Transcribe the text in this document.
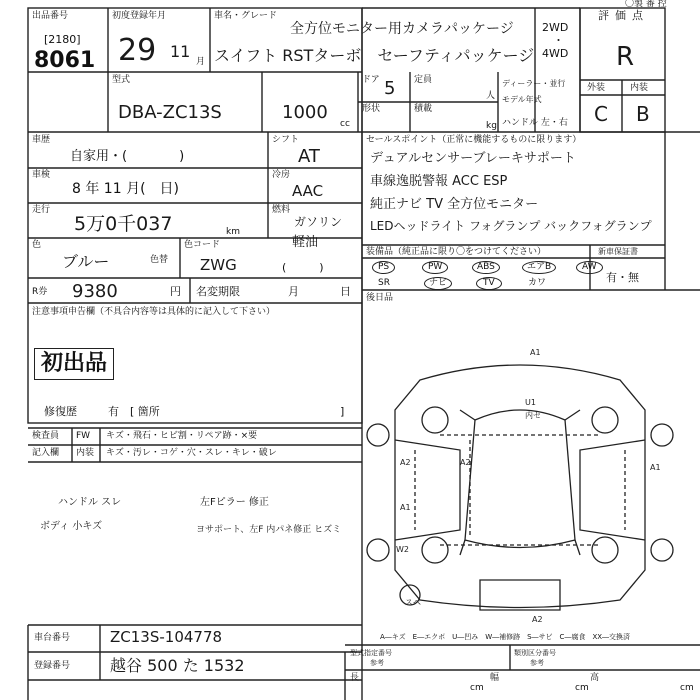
出品番号
[2180]
8061
初度登録年月
29 11
月
車名・グレード
全方位モニター用カメラパッケージ
スイフト RSTターボ　セーフティパッケージ
2WD
・
4WD
評価点
R
外装	内装
C B
〇製 番 控
型式
DBA-ZC13S	1000
cc
ドア 5
形状
定員
人
積載
kg
ディーラー・並行
モデル年式
ハンドル 左・右
車歴
自家用・(　　　　)
シフト
AT
車検
8 年 11 月(　日)
冷房
AAC
走行
5万0千037	km
燃料
ガソリン
軽油
(　　　)
色
ブルー	色替
色コード
ZWG
R券 9380	円 名変期限	月	日
注意事項申告欄（不具合内容等は具体的に記入して下さい）
初出品
修復歴	有　[ 箇所	]
セールスポイント（正常に機能するものに限ります）
デュアルセンサーブレーキサポート
車線逸脱警報 ACC ESP
純正ナビ TV 全方位モニター
LEDヘッドライト フォグランプ バックフォグランプ
装備品（純正品に限り〇をつけてください）
PS	PW	ABS	エアB	AW
SR	ナビ	TV	カワ
新車保証書
有・無
後日品
検査員 FW キズ・飛石・ヒビ割・リペア跡・×要
記入欄 内装 キズ・汚レ・コゲ・穴・スレ・キレ・破レ
ハンドル スレ
ボディ 小キズ
左Fピラー 修正
ヨサポート、左F 内パネ修正 ヒズミ
A1
U1
内セ
A2	A2
A1
A1
W2
スペ
A2
A―キズ　E―エクボ　U―凹み　W―補修跡　S―サビ　C―腐食　XX―交換済
車台番号	ZC13S-104778
登録番号 越谷 500 た 1532
型式指定番号
参考
類別区分番号
参考
長
cm
幅
cm
高
cm
